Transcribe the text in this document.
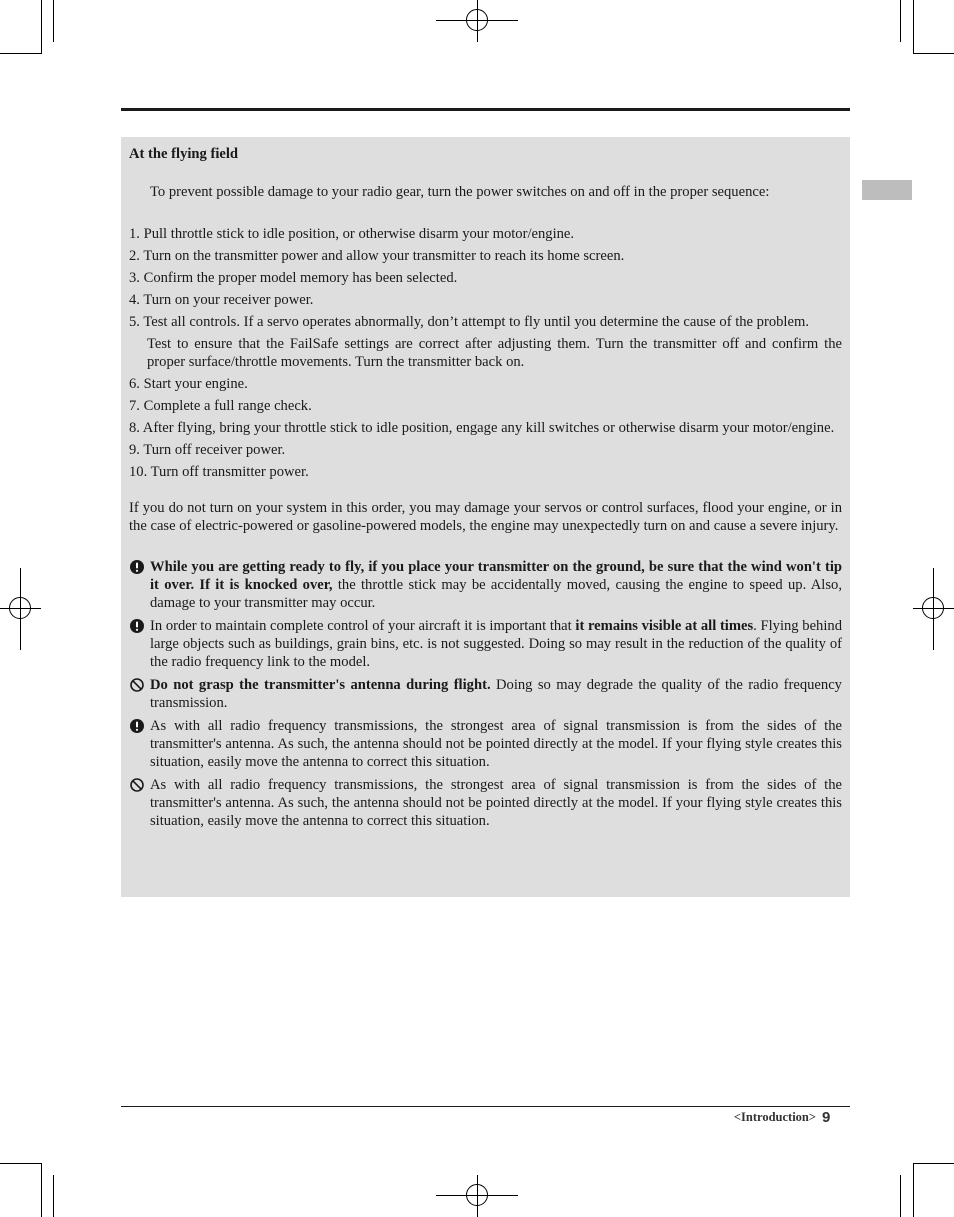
At the flying field

To prevent possible damage to your radio gear, turn the power switches on and off in the proper sequence:

1. Pull throttle stick to idle position, or otherwise disarm your motor/engine.
2. Turn on the transmitter power and allow your transmitter to reach its home screen.
3. Confirm the proper model memory has been selected.
4. Turn on your receiver power.
5. Test all controls. If a servo operates abnormally, don’t attempt to fly until you determine the cause of the problem.
Test to ensure that the FailSafe settings are correct after adjusting them. Turn the transmitter off and confirm the proper surface/throttle movements. Turn the transmitter back on.
6. Start your engine.
7. Complete a full range check.
8. After flying, bring your throttle stick to idle position, engage any kill switches or otherwise disarm your motor/engine.
9. Turn off receiver power.
10. Turn off transmitter power.

If you do not turn on your system in this order, you may damage your servos or control surfaces, flood your engine, or in the case of electric-powered or gasoline-powered models, the engine may unexpectedly turn on and cause a severe injury.

While you are getting ready to fly, if you place your transmitter on the ground, be sure that the wind won't tip it over. If it is knocked over, the throttle stick may be accidentally moved, causing the engine to speed up. Also, damage to your transmitter may occur.
In order to maintain complete control of your aircraft it is important that it remains visible at all times. Flying behind large objects such as buildings, grain bins, etc. is not suggested. Doing so may result in the reduction of the quality of the radio frequency link to the model.
Do not grasp the transmitter's antenna during flight. Doing so may degrade the quality of the radio frequency transmission.
As with all radio frequency transmissions, the strongest area of signal transmission is from the sides of the transmitter's antenna. As such, the antenna should not be pointed directly at the model. If your flying style creates this situation, easily move the antenna to correct this situation.
As with all radio frequency transmissions, the strongest area of signal transmission is from the sides of the transmitter's antenna. As such, the antenna should not be pointed directly at the model. If your flying style creates this situation, easily move the antenna to correct this situation.
<Introduction> 9
